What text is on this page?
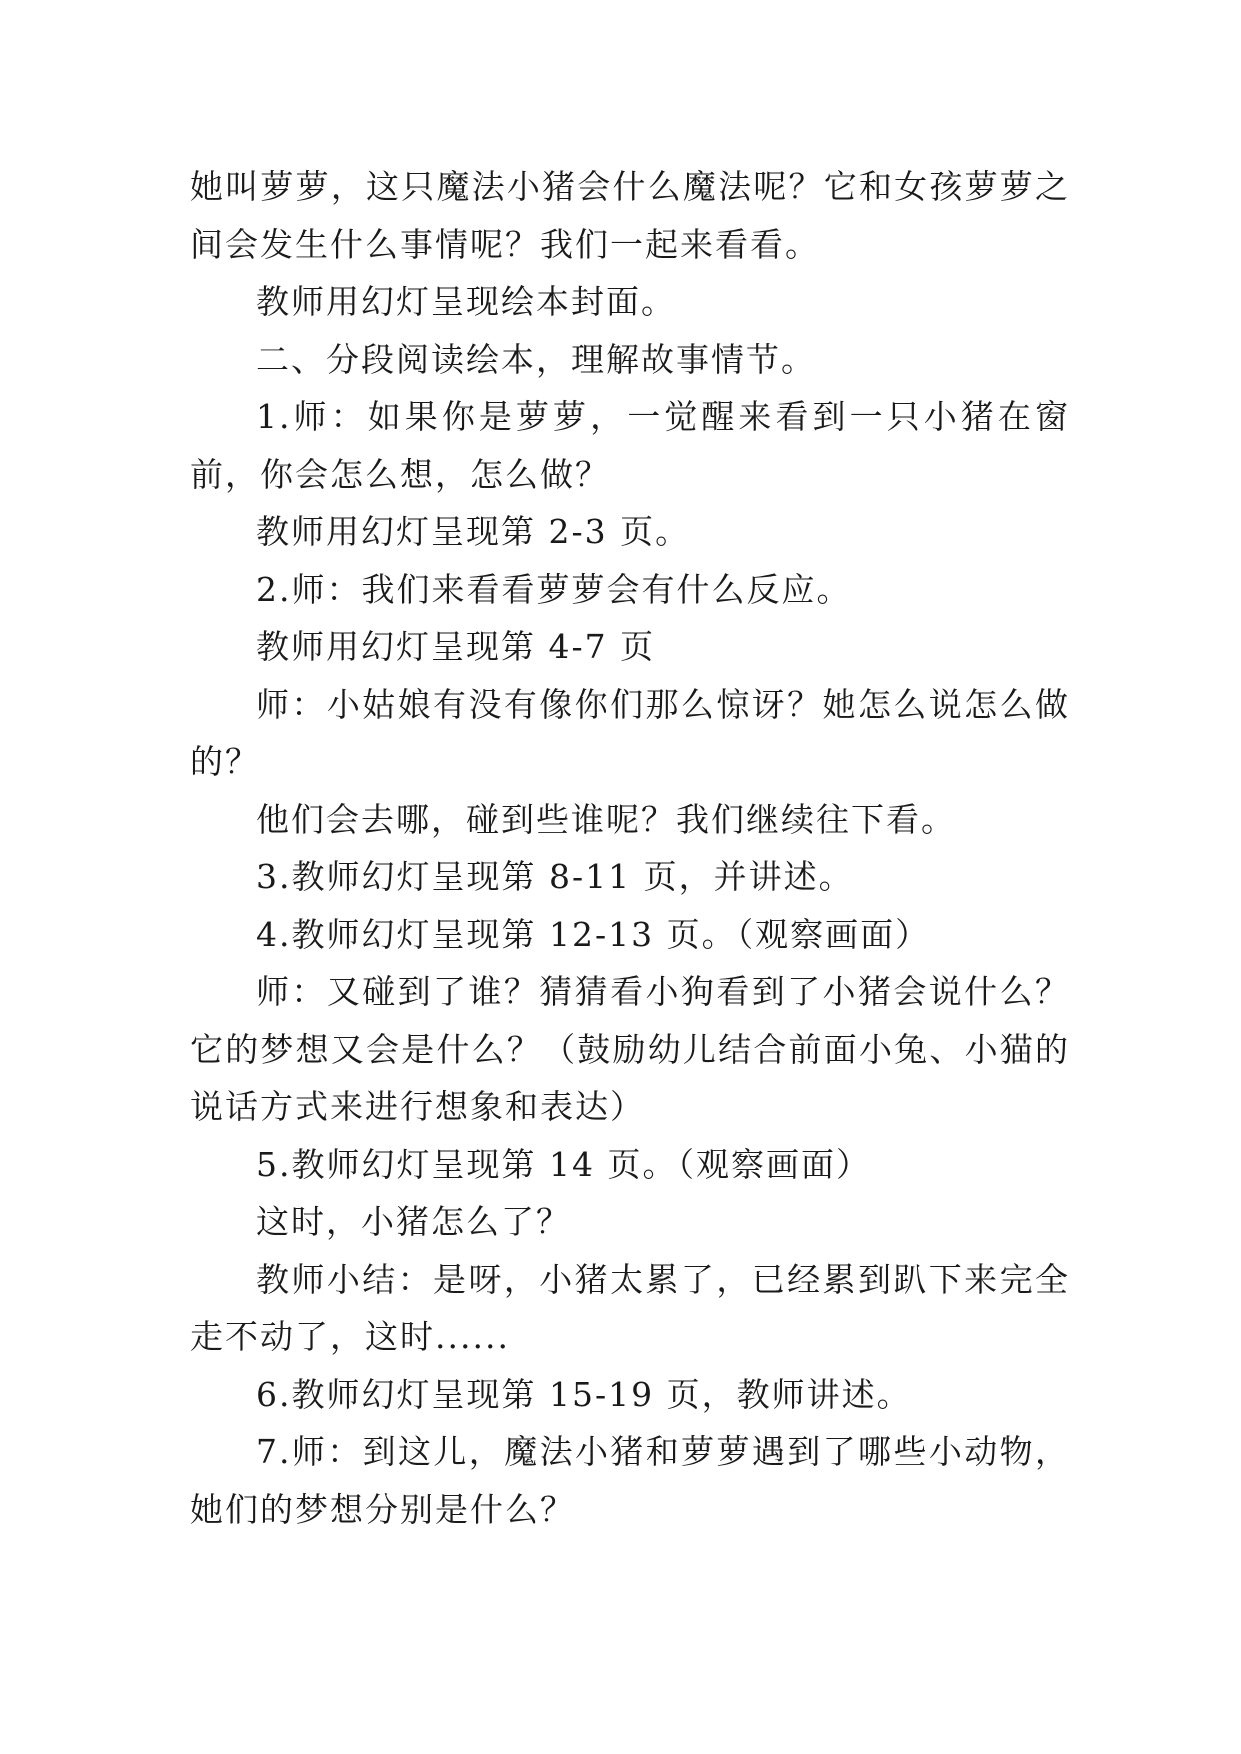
她叫萝萝，这只魔法小猪会什么魔法呢？它和女孩萝萝之间会发生什么事情呢？我们一起来看看。

教师用幻灯呈现绘本封面。

二、分段阅读绘本，理解故事情节。

1.师：如果你是萝萝，一觉醒来看到一只小猪在窗前，你会怎么想，怎么做？

教师用幻灯呈现第 2-3 页。

2.师：我们来看看萝萝会有什么反应。

教师用幻灯呈现第 4-7 页

师：小姑娘有没有像你们那么惊讶？她怎么说怎么做的？

他们会去哪，碰到些谁呢？我们继续往下看。

3.教师幻灯呈现第 8-11 页，并讲述。

4.教师幻灯呈现第 12-13 页。（观察画面）

师：又碰到了谁？猜猜看小狗看到了小猪会说什么？它的梦想又会是什么？（鼓励幼儿结合前面小兔、小猫的说话方式来进行想象和表达）

5.教师幻灯呈现第 14 页。（观察画面）

这时，小猪怎么了？

教师小结：是呀，小猪太累了，已经累到趴下来完全走不动了，这时......

6.教师幻灯呈现第 15-19 页，教师讲述。

7.师：到这儿，魔法小猪和萝萝遇到了哪些小动物，她们的梦想分别是什么？
